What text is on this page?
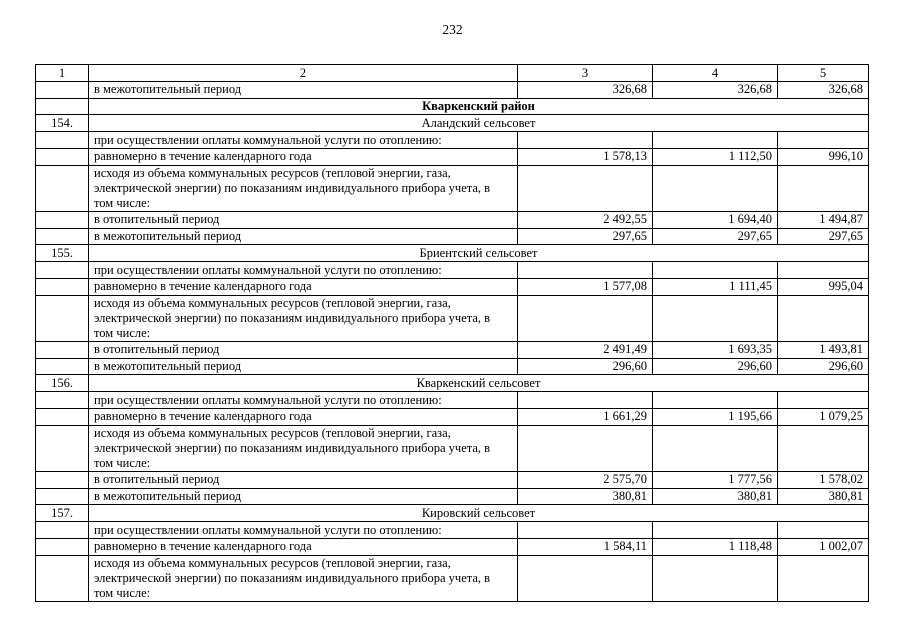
232
1	2	3	4	5
	в межотопительный период	326,68	326,68	326,68
	Кваркенский район			
154.	Аландский сельсовет			
	при осуществлении оплаты коммунальной услуги по отоплению:			
	равномерно в течение календарного года	1 578,13	1 112,50	996,10
	исходя из объема коммунальных ресурсов (тепловой энергии, газа, электрической энергии) по показаниям индивидуального прибора учета, в том числе:			
	в отопительный период	2 492,55	1 694,40	1 494,87
	в межотопительный период	297,65	297,65	297,65
155.	Бриентский сельсовет			
	при осуществлении оплаты коммунальной услуги по отоплению:			
	равномерно в течение календарного года	1 577,08	1 111,45	995,04
	исходя из объема коммунальных ресурсов (тепловой энергии, газа, электрической энергии) по показаниям индивидуального прибора учета, в том числе:			
	в отопительный период	2 491,49	1 693,35	1 493,81
	в межотопительный период	296,60	296,60	296,60
156.	Кваркенский сельсовет			
	при осуществлении оплаты коммунальной услуги по отоплению:			
	равномерно в течение календарного года	1 661,29	1 195,66	1 079,25
	исходя из объема коммунальных ресурсов (тепловой энергии, газа, электрической энергии) по показаниям индивидуального прибора учета, в том числе:			
	в отопительный период	2 575,70	1 777,56	1 578,02
	в межотопительный период	380,81	380,81	380,81
157.	Кировский сельсовет			
	при осуществлении оплаты коммунальной услуги по отоплению:			
	равномерно в течение календарного года	1 584,11	1 118,48	1 002,07
	исходя из объема коммунальных ресурсов (тепловой энергии, газа, электрической энергии) по показаниям индивидуального прибора учета, в том числе:			
